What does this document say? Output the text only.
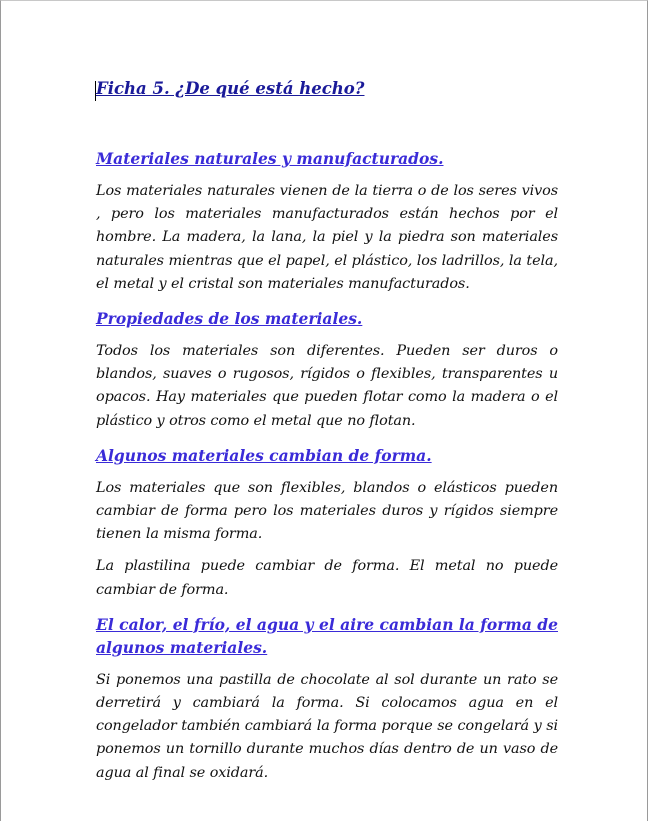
Ficha 5. ¿De qué está hecho?
Materiales naturales y manufacturados.

Los materiales naturales vienen de la tierra o de los seres vivos , pero los materiales manufacturados están hechos por el hombre. La madera, la lana, la piel y la piedra son materiales naturales mientras que el papel, el plástico, los ladrillos, la tela, el metal y el cristal son materiales manufacturados.

Propiedades de los materiales.

Todos los materiales son diferentes. Pueden ser duros o blandos, suaves o rugosos, rígidos o flexibles, transparentes u opacos. Hay materiales que pueden flotar como la madera o el plástico y otros como el metal que no flotan.

Algunos materiales cambian de forma.

Los materiales que son flexibles, blandos o elásticos pueden cambiar de forma pero los materiales duros y rígidos siempre tienen la misma forma.

La plastilina puede cambiar de forma. El metal no puede cambiar de forma.

El calor, el frío, el agua y el aire cambian la forma de algunos materiales.

Si ponemos una pastilla de chocolate al sol durante un rato se derretirá y cambiará la forma. Si colocamos agua en el congelador también cambiará la forma porque se congelará y si ponemos un tornillo durante muchos días dentro de un vaso de agua al final se oxidará.
